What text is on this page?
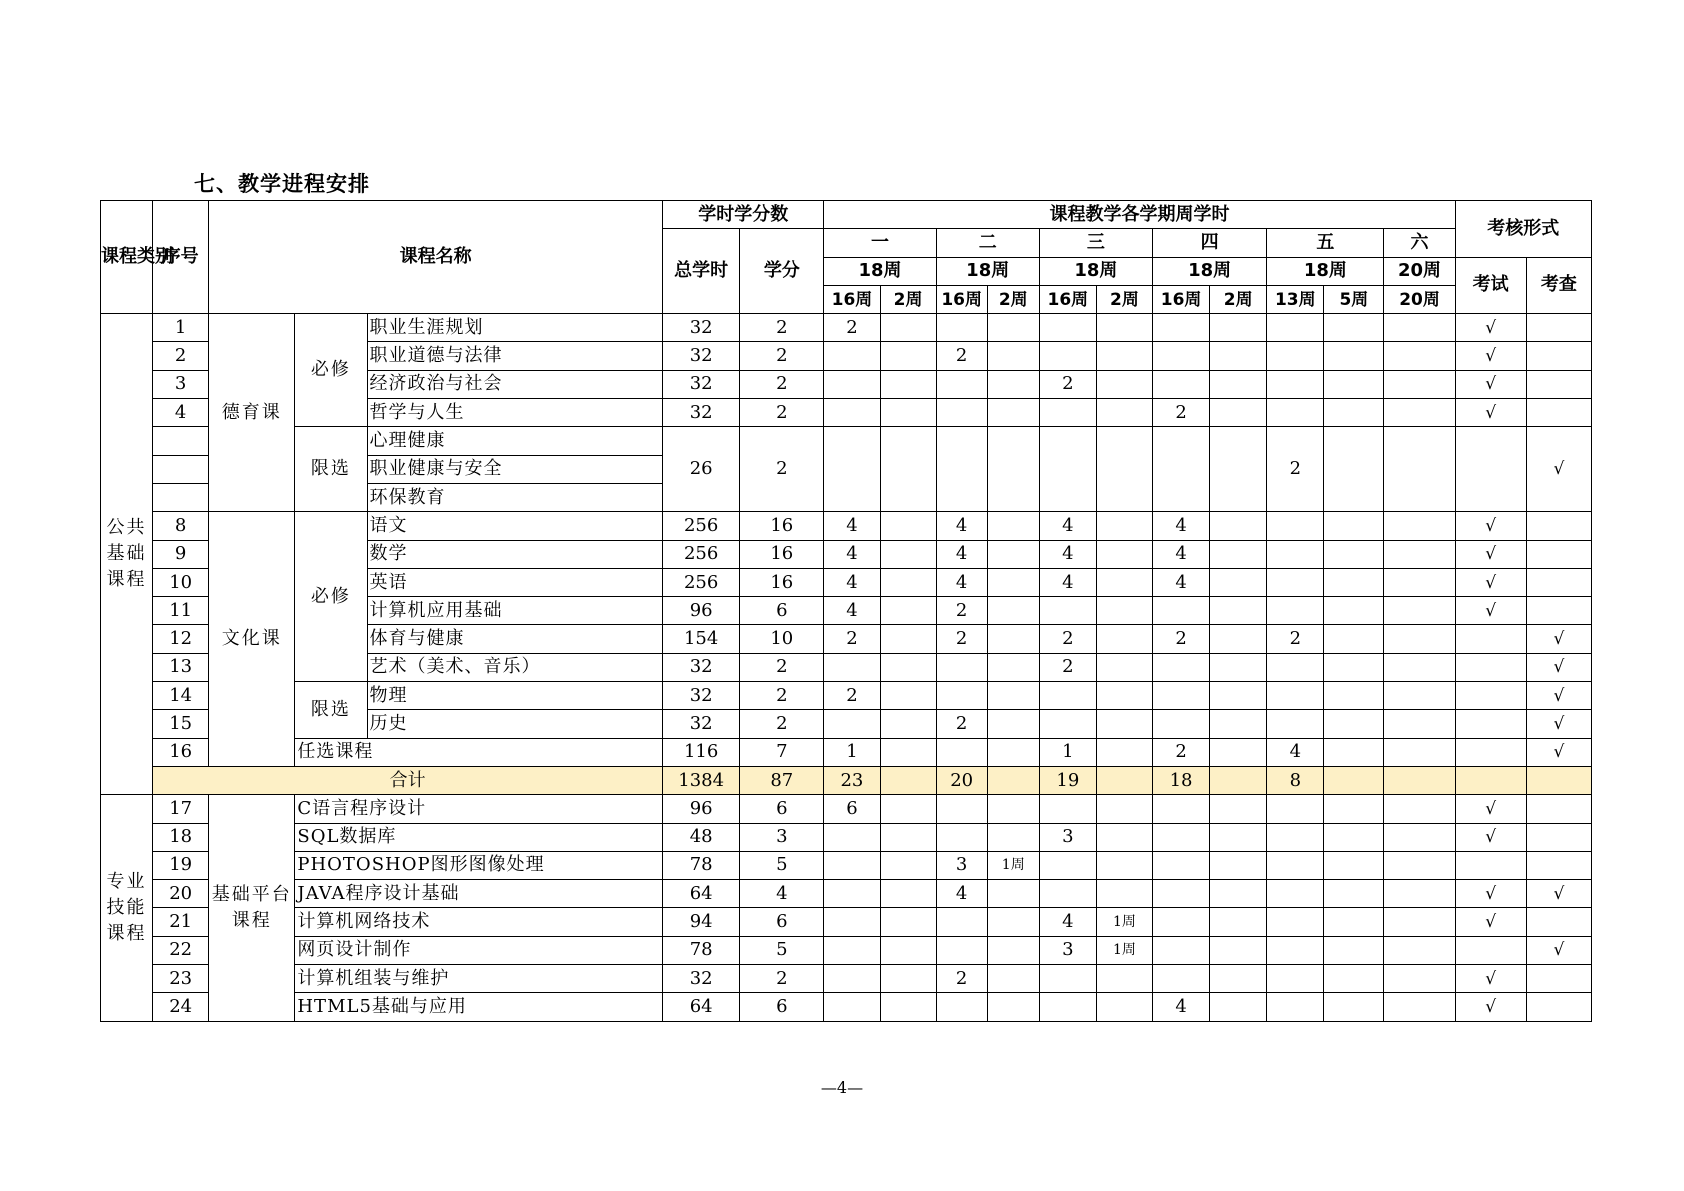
七、教学进程安排
课程类别	序号	课程名称			学时学分数		课程教学各学期周学时											考核形式	
					总学时	学分	一		二		三		四		五		六		
							18周		18周		18周		18周		18周		20周	考试	考查
							16周	2周	16周	2周	16周	2周	16周	2周	13周	5周	20周		
公共基础课程	1	德育课	必修	职业生涯规划	32	2	2											√	
	2			职业道德与法律	32	2			2									√	
	3			经济政治与社会	32	2					2							√	
	4			哲学与人生	32	2							2					√	
			限选	心理健康	26	2									2				√
				职业健康与安全															
				环保教育															
	8	文化课	必修	语文	256	16	4		4		4		4					√	
	9			数学	256	16	4		4		4		4					√	
	10			英语	256	16	4		4		4		4					√	
	11			计算机应用基础	96	6	4		2									√	
	12			体育与健康	154	10	2		2		2		2		2				√
	13			艺术（美术、音乐）	32	2					2								√
	14		限选	物理	32	2	2												√
	15			历史	32	2			2										√
	16		任选课程		116	7	1				1		2		4				√
	合计				1384	87	23		20		19		18		8				
专业技能课程	17	基础平台课程	C语言程序设计		96	6	6											√	
	18		SQL数据库		48	3					3							√	
	19		PHOTOSHOP图形图像处理		78	5			3	1周									
	20		JAVA程序设计基础		64	4			4									√	√
	21		计算机网络技术		94	6					4	1周						√	
	22		网页设计制作		78	5					3	1周							√
	23		计算机组装与维护		32	2			2									√	
	24		HTML5基础与应用		64	6							4					√	
—4—
